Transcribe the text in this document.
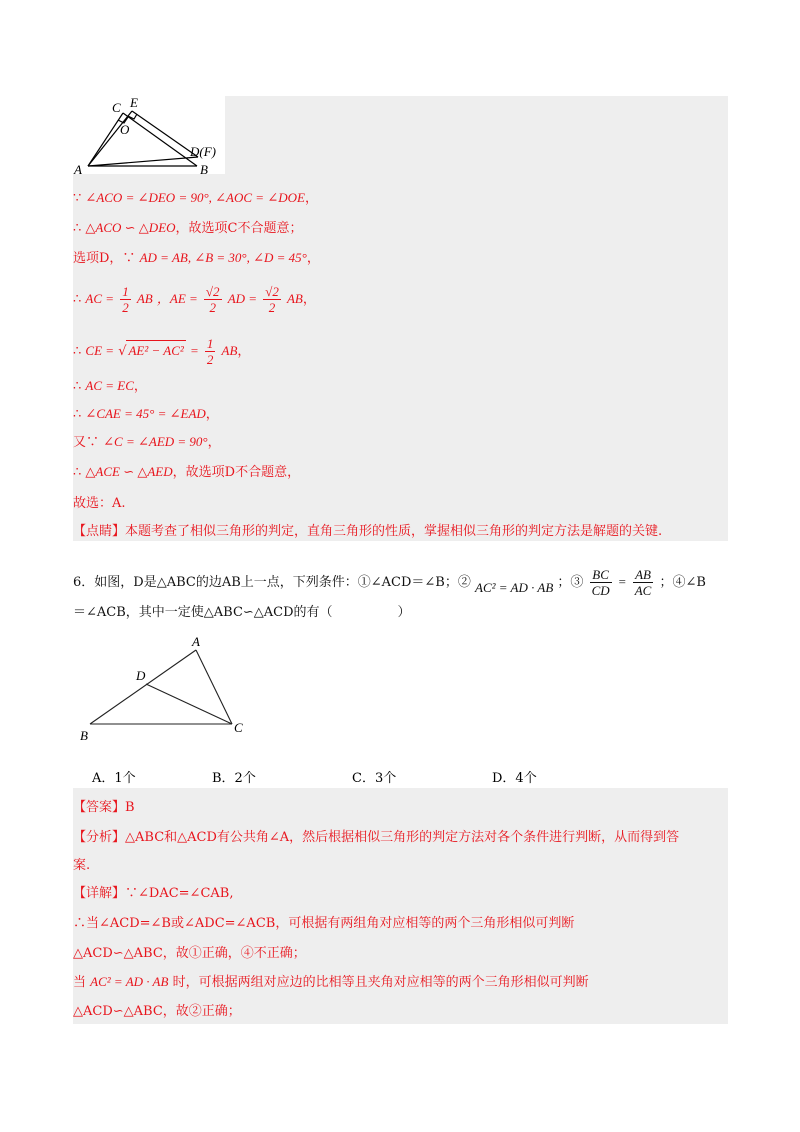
C E
O
A	B
D(F)
∵ ∠ACO = ∠DEO = 90°, ∠AOC = ∠DOE，
∴ △ACO ∽ △DEO，故选项C不合题意；
选项D，∵ AD = AB, ∠B = 30°, ∠D = 45°，
∴ AC = $\frac{1}{2}$ AB ，AE = $\frac{√2}{2}$ AD = $\frac{√2}{2}$ AB，
∴ CE = √ $AE^2 - AC^2 = \frac{1}{2}$ AB，
∴ AC = EC，
∴ ∠CAE = 45° = ∠EAD，
又∵ ∠C = ∠AED = 90°，
∴ △ACE ∽ △AED，故选项D不合题意，
故选：A.
【点睛】本题考查了相似三角形的判定，直角三角形的性质，掌握相似三角形的判定方法是解题的关键.
6．如图，D是△ABC的边AB上一点，下列条件：①∠ACD＝∠B；② AC² = AD · AB ；③ $\frac{BC}{CD} = \frac{AB}{AC}$ ；④∠B
＝∠ACB，其中一定使△ABC∽△ACD的有（　　　　　）
A
D
B
C
A．1个	B．2个	C．3个	D．4个
【答案】B
【分析】△ABC和△ACD有公共角∠A，然后根据相似三角形的判定方法对各个条件进行判断，从而得到答
案.
【详解】∵∠DAC=∠CAB,
∴当∠ACD=∠B或∠ADC=∠ACB，可根据有两组角对应相等的两个三角形相似可判断
△ACD∽△ABC，故①正确，④不正确；
当 AC² = AD · AB 时，可根据两组对应边的比相等且夹角对应相等的两个三角形相似可判断
△ACD∽△ABC，故②正确；
